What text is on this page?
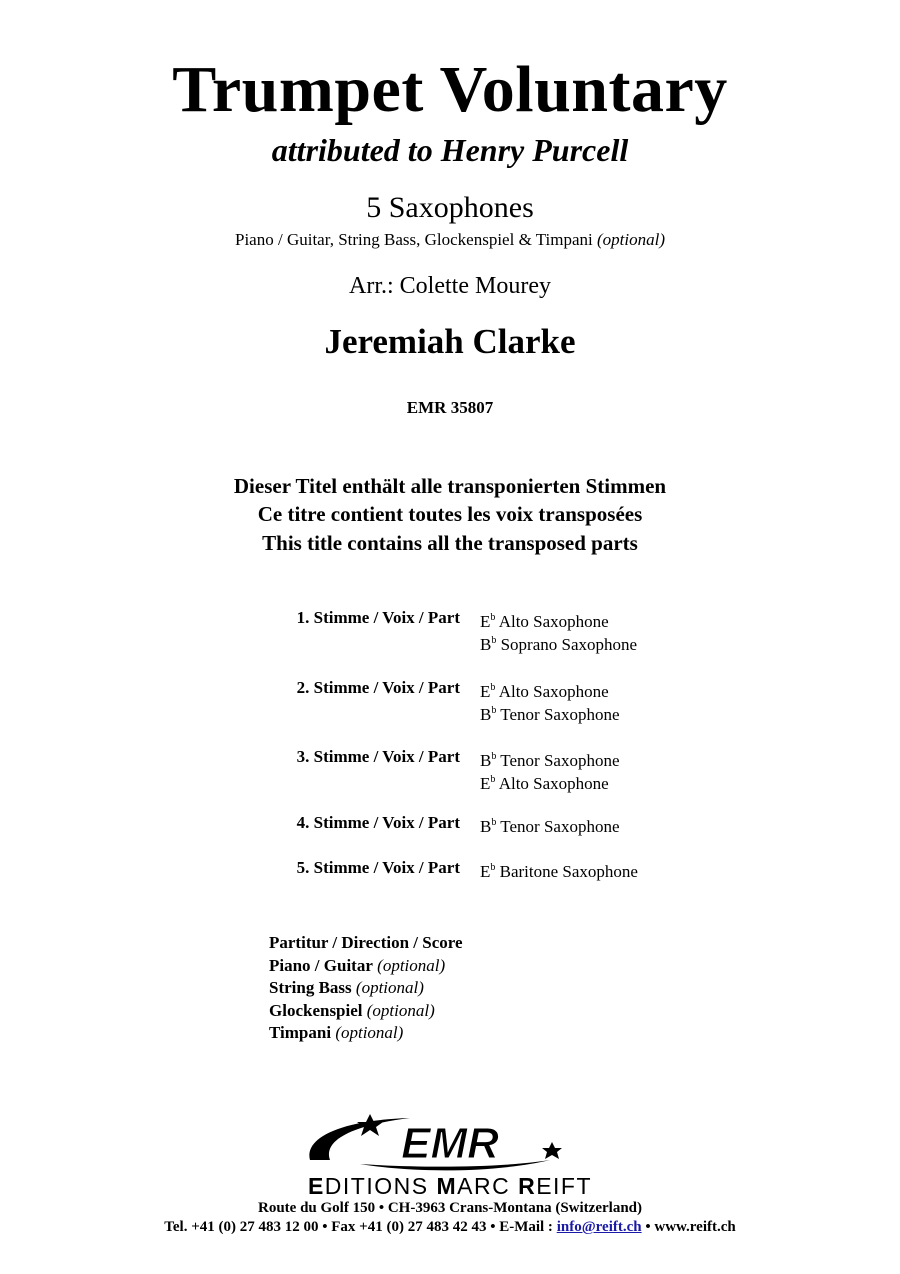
Trumpet Voluntary
attributed to Henry Purcell
5 Saxophones
Piano / Guitar, String Bass, Glockenspiel & Timpani (optional)
Arr.: Colette Mourey
Jeremiah Clarke
EMR 35807
Dieser Titel enthält alle transponierten Stimmen
Ce titre contient toutes les voix transposées
This title contains all the transposed parts
1. Stimme / Voix / Part $E^b$ Alto Saxophone
$B^b$ Soprano Saxophone
2. Stimme / Voix / Part $E^b$ Alto Saxophone
$B^b$ Tenor Saxophone
3. Stimme / Voix / Part $B^b$ Tenor Saxophone
$E^b$ Alto Saxophone
4. Stimme / Voix / Part $B^b$ Tenor Saxophone
5. Stimme / Voix / Part $E^b$ Baritone Saxophone
Partitur / Direction / Score
Piano / Guitar (optional)
String Bass (optional)
Glockenspiel (optional)
Timpani (optional)
EMR
EDITIONS MARC REIFT
Route du Golf 150 • CH-3963 Crans-Montana (Switzerland)
Tel. +41 (0) 27 483 12 00 • Fax +41 (0) 27 483 42 43 • E-Mail : info@reift.ch • www.reift.ch
